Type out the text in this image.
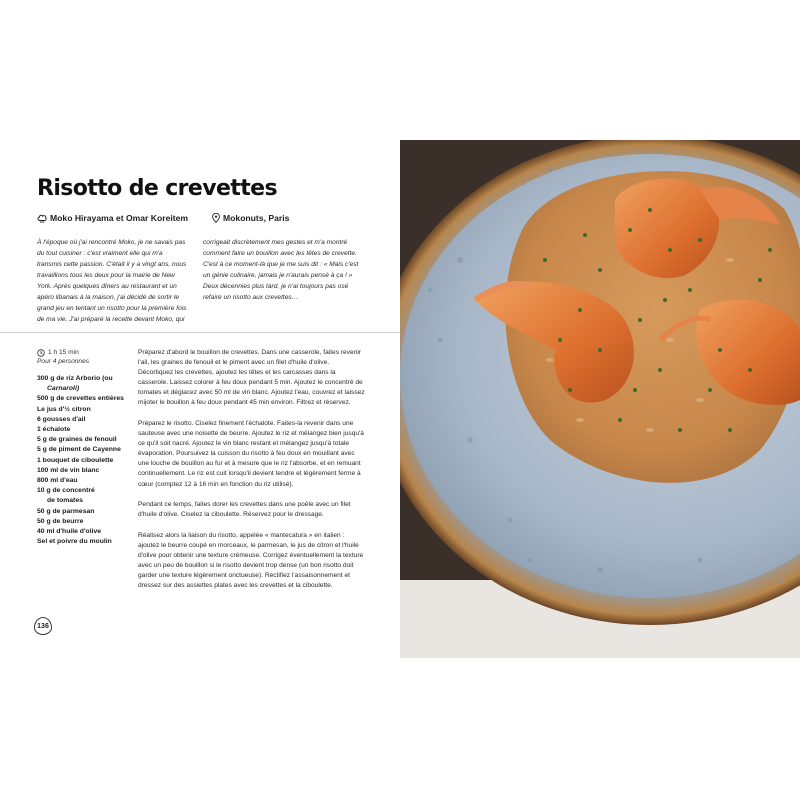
Risotto de crevettes
Moko Hirayama et Omar Koreitem	Mokonuts, Paris

À l'époque où j'ai rencontré Moko, je ne savais pas du tout cuisiner : c'est vraiment elle qui m'a transmis cette passion. C'était il y a vingt ans, nous travaillions tous les deux pour la mairie de New York. Après quelques dîners au restaurant et un apéro libanais à la maison, j'ai décidé de sortir le grand jeu en tentant un risotto pour la première fois de ma vie. J'ai préparé la recette devant Moko, qui

corrigeait discrètement mes gestes et m'a montré comment faire un bouillon avec les têtes de crevette. C'est à ce moment-là que je me suis dit : « Mais c'est un génie culinaire, jamais je n'aurais pensé à ça ! » Deux décennies plus tard, je n'ai toujours pas osé refaire un risotto aux crevettes…

1 h 15 min
Pour 4 personnes
300 g de riz Arborio (ou
Carnaroli)
500 g de crevettes entières
Le jus d'½ citron
6 gousses d'ail
1 échalote
5 g de graines de fenouil
5 g de piment de Cayenne
1 bouquet de ciboulette
100 ml de vin blanc
800 ml d'eau
10 g de concentré
de tomates
50 g de parmesan
50 g de beurre
40 ml d'huile d'olive
Sel et poivre du moulin

Préparez d'abord le bouillon de crevettes. Dans une casserole, faites revenir l'ail, les graines de fenouil et le piment avec un filet d'huile d'olive. Décortiquez les crevettes, ajoutez les têtes et les carcasses dans la casserole. Laissez colorer à feu doux pendant 5 min. Ajoutez le concentré de tomates et déglacez avec 50 ml de vin blanc. Ajoutez l'eau, couvrez et laissez mijoter le bouillon à feu doux pendant 45 min environ. Filtrez et réservez.

Préparez le risotto. Ciselez finement l'échalote. Faites-la revenir dans une sauteuse avec une noisette de beurre. Ajoutez le riz et mélangez bien jusqu'à ce qu'il soit nacré. Ajoutez le vin blanc restant et mélangez jusqu'à totale évaporation. Poursuivez la cuisson du risotto à feu doux en mouillant avec une louche de bouillon au fur et à mesure que le riz l'absorbe, et en remuant continuellement. Le riz est cuit lorsqu'il devient tendre et légèrement ferme à cœur (comptez 12 à 16 min en fonction du riz utilisé).

Pendant ce temps, faites dorer les crevettes dans une poêle avec un filet d'huile d'olive. Ciselez la ciboulette. Réservez pour le dressage.

Réalisez alors la liaison du risotto, appelée « mantecatura » en italien : ajoutez le beurre coupé en morceaux, le parmesan, le jus de citron et l'huile d'olive pour obtenir une texture crémeuse. Corrigez éventuellement la texture avec un peu de bouillon si le risotto devient trop dense (un bon risotto doit garder une texture légèrement onctueuse). Rectifiez l'assaisonnement et dressez sur des assiettes plates avec les crevettes et la ciboulette.

136
